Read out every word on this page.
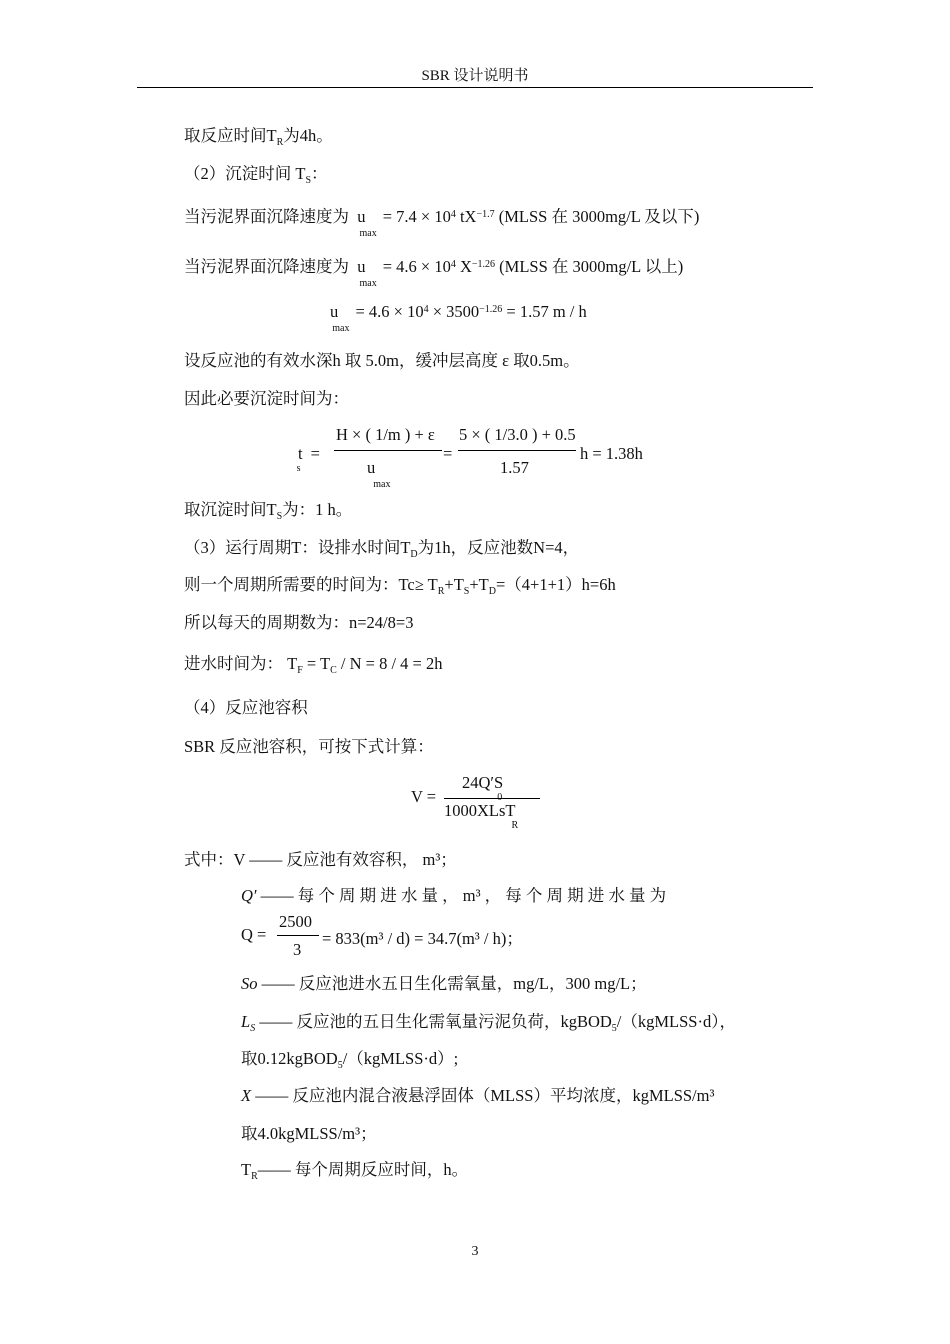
SBR 设计说明书
取反应时间$T_R$为4h。
（2）沉淀时间 $T_S$：
当污泥界面沉降速度为 $u_{max}= 7.4 \times 10^4$ $tX^{-1.7}$ (MLSS 在 3000mg/L 及以下)
当污泥界面沉降速度为 $u_{max}= 4.6 \times 10^4$ $X^{-1.26}$ (MLSS 在 3000mg/L 以上)
$u_{max}= 4.6 \times 10^4 \times 3500^{-1.26} = 1.57$ m / h
设反应池的有效水深h 取 5.0m，缓冲层高度 ε 取0.5m。
因此必要沉淀时间为：
$t_s$ =
H × ( 1/m ) + ε
$u_{max}$
=
5 × ( 1/3.0 ) + 0.5
1.57
h = 1.38h
取沉淀时间$T_S$为：1 h。
（3）运行周期T：设排水时间$T_D$为1h，反应池数N=4，
则一个周期所需要的时间为：$Tc\ge T_R+T_S+T_D=(4+1+1)h=6h$
所以每天的周期数为：n=24/8=3
进水时间为： $T_F = T_C / N = 8 / 4 = 2h$
（4）反应池容积
SBR 反应池容积，可按下式计算：
V =
$24Q'S_0$
1000XLsT$_R$
式中：V —— 反应池有效容积， m³；
Q′ —— 每 个 周 期 进 水 量 ， m³ ， 每 个 周 期 进 水 量 为
Q =
2500
3
= 833(m³ / d) = 34.7(m³ / h)；
So —— 反应池进水五日生化需氧量，mg/L，300 mg/L；
$L_S$ —— 反应池的五日生化需氧量污泥负荷，kgBOD$_5$/（kgMLSS·d），
取0.12kgBOD$_5$/（kgMLSS·d）;
X —— 反应池内混合液悬浮固体（MLSS）平均浓度，kgMLSS/m³
取4.0kgMLSS/m³；
$T_R——$ 每个周期反应时间，h。
3
